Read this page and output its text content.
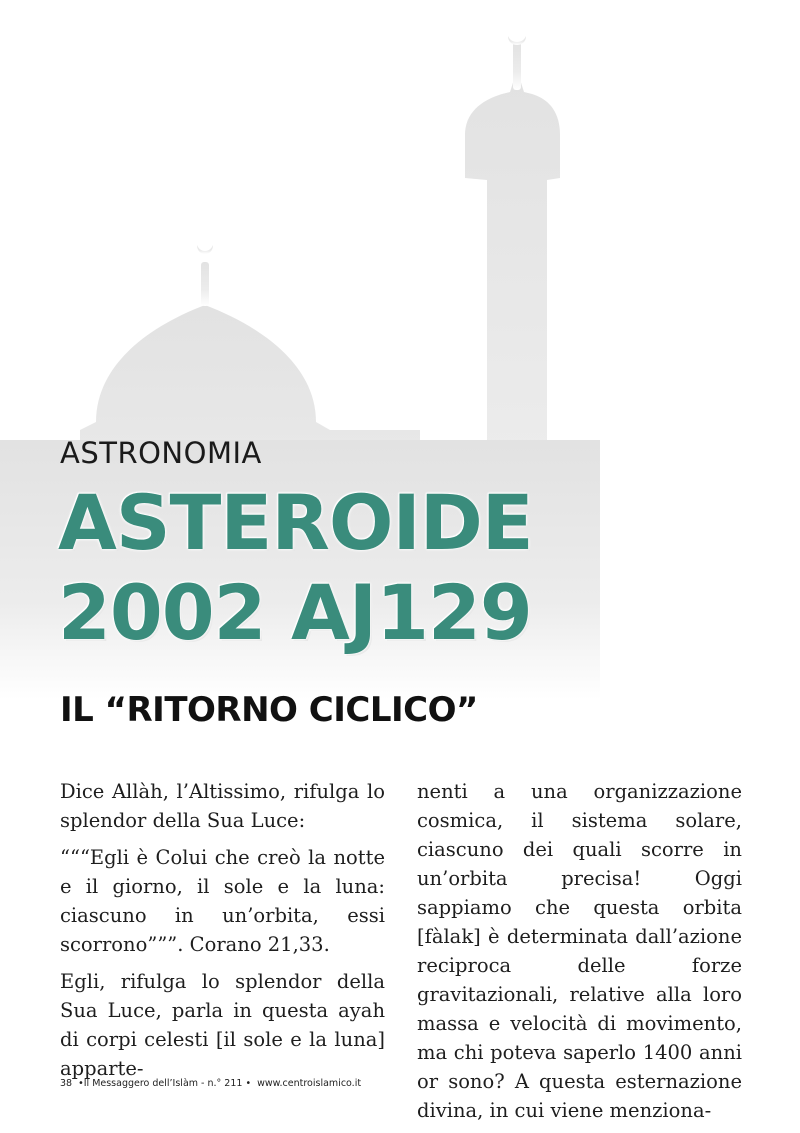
ASTRONOMIA
ASTEROIDE
2002 AJ129
IL “RITORNO CICLICO”

Dice Allàh, l’Altissimo, rifulga lo splendor della Sua Luce:

“““Egli è Colui che creò la notte e il giorno, il sole e la luna: ciascuno in un’orbita, essi scorrono”””. Corano 21,33.

Egli, rifulga lo splendor della Sua Luce, parla in questa ayah di corpi celesti [il sole e la luna] apparte-

nenti a una organizzazione cosmica, il sistema solare, ciascuno dei quali scorre in un’orbita precisa! Oggi sappiamo che questa orbita [fàlak] è determinata dall’azione reciproca delle forze gravitazionali, relative alla loro massa e velocità di movimento, ma chi poteva saperlo 1400 anni or sono? A questa esternazione divina, in cui viene menziona-

38 •Il Messaggero dell’Islàm - n.° 211 • www.centroislamico.it
